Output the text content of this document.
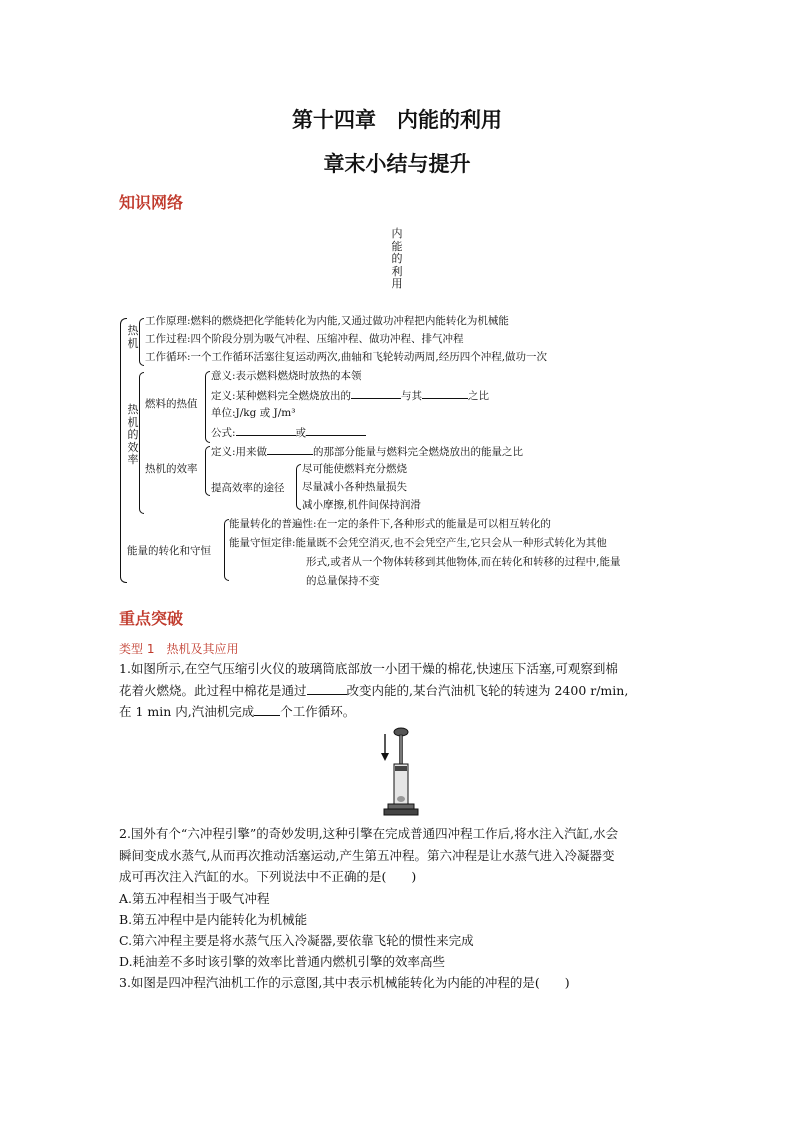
第十四章　内能的利用
章末小结与提升
知识网络
内能的利用
热机
工作原理:燃料的燃烧把化学能转化为内能,又通过做功冲程把内能转化为机械能
工作过程:四个阶段分别为吸气冲程、压缩冲程、做功冲程、排气冲程
工作循环:一个工作循环活塞往复运动两次,曲轴和飞轮转动两周,经历四个冲程,做功一次
热机的效率
燃料的热值
意义:表示燃料燃烧时放热的本领
定义:某种燃料完全燃烧放出的	与其	之比
单位:J/kg 或 J/m³
公式:	或
热机的效率
定义:用来做	的那部分能量与燃料完全燃烧放出的能量之比
提高效率的途径
尽可能使燃料充分燃烧
尽量减小各种热量损失
减小摩擦,机件间保持润滑
能量的转化和守恒
能量转化的普遍性:在一定的条件下,各种形式的能量是可以相互转化的
能量守恒定律:能量既不会凭空消灭,也不会凭空产生,它只会从一种形式转化为其他
形式,或者从一个物体转移到其他物体,而在转化和转移的过程中,能量
的总量保持不变
重点突破
类型 1　热机及其应用
1.如图所示,在空气压缩引火仪的玻璃筒底部放一小团干燥的棉花,快速压下活塞,可观察到棉
花着火燃烧。此过程中棉花是通过	改变内能的,某台汽油机飞轮的转速为 2400 r/min,
在 1 min 内,汽油机完成 个工作循环。
2.国外有个“六冲程引擎”的奇妙发明,这种引擎在完成普通四冲程工作后,将水注入汽缸,水会
瞬间变成水蒸气,从而再次推动活塞运动,产生第五冲程。第六冲程是让水蒸气进入冷凝器变
成可再次注入汽缸的水。下列说法中不正确的是(　　)
A.第五冲程相当于吸气冲程
B.第五冲程中是内能转化为机械能
C.第六冲程主要是将水蒸气压入冷凝器,要依靠飞轮的惯性来完成
D.耗油差不多时该引擎的效率比普通内燃机引擎的效率高些
3.如图是四冲程汽油机工作的示意图,其中表示机械能转化为内能的冲程的是(　　)
